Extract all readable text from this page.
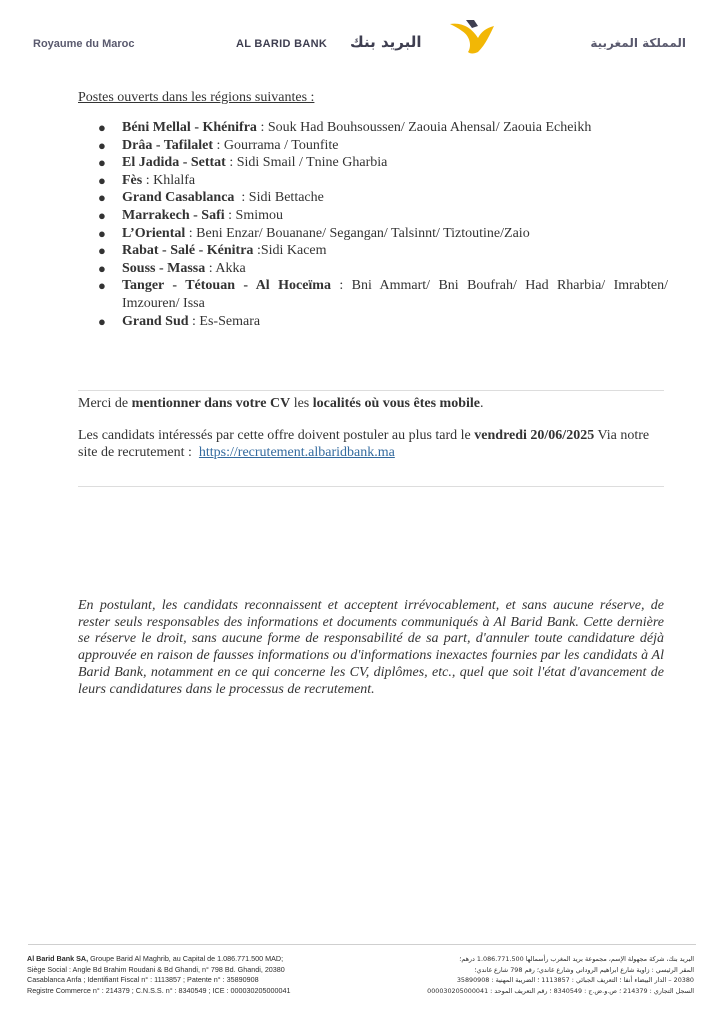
Royaume du Maroc	AL BARID BANK البريد بنك	المملكة المغربية
Postes ouverts dans les régions suivantes :
● Béni Mellal - Khénifra : Souk Had Bouhsoussen/ Zaouia Ahensal/ Zaouia Echeikh
● Drâa - Tafilalet : Gourrama / Tounfite
● El Jadida - Settat : Sidi Smail / Tnine Gharbia
● Fès : Khlalfa
● Grand Casablanca  : Sidi Bettache
● Marrakech - Safi : Smimou
● L’Oriental : Beni Enzar/ Bouanane/ Segangan/ Talsinnt/ Tiztoutine/Zaio
● Rabat - Salé - Kénitra :Sidi Kacem
● Souss - Massa : Akka
● Tanger - Tétouan - Al Hoceïma : Bni Ammart/ Bni Boufrah/ Had Rharbia/ Imrabten/
Imzouren/ Issa
● Grand Sud : Es-Semara
Merci de mentionner dans votre CV les localités où vous êtes mobile.
Les candidats intéressés par cette offre doivent postuler au plus tard le vendredi 20/06/2025 Via notre site de recrutement :  https://recrutement.albaridbank.ma
En postulant, les candidats reconnaissent et acceptent irrévocablement, et sans aucune réserve, de rester seuls responsables des informations et documents communiqués à Al Barid Bank. Cette dernière se réserve le droit, sans aucune forme de responsabilité de sa part, d'annuler toute candidature déjà approuvée en raison de fausses informations ou d'informations inexactes fournies par les candidats à Al Barid Bank, notamment en ce qui concerne les CV, diplômes, etc., quel que soit l'état d'avancement de leurs candidatures dans le processus de recrutement.
Al Barid Bank SA, Groupe Barid Al Maghrib, au Capital de 1.086.771.500 MAD;
Siège Social : Angle Bd Brahim Roudani & Bd Ghandi, n° 798 Bd. Ghandi, 20380
Casablanca Anfa ; Identifiant Fiscal n° : 1113857 ; Patente n° : 35890908
Registre Commerce n° : 214379 ; C.N.S.S. n° : 8340549 ; ICE : 000030205000041
البريد بنك، شركة مجهولة الإسم، مجموعة بريد المغرب رأسمالها 1.086.771.500 درهم؛
المقر الرئيسي : زاوية شارع ابراهيم الروداني وشارع غاندي؛ رقم 798 شارع غاندي؛
20380 – الدار البيضاء أنفا ؛ التعريف الجبائي : 1113857 ؛ الضريبة المهنية : 35890908
السجل التجاري : 214379 ؛ ص.و.ض.ج : 8340549 ؛ رقم التعريف الموحد : 000030205000041
